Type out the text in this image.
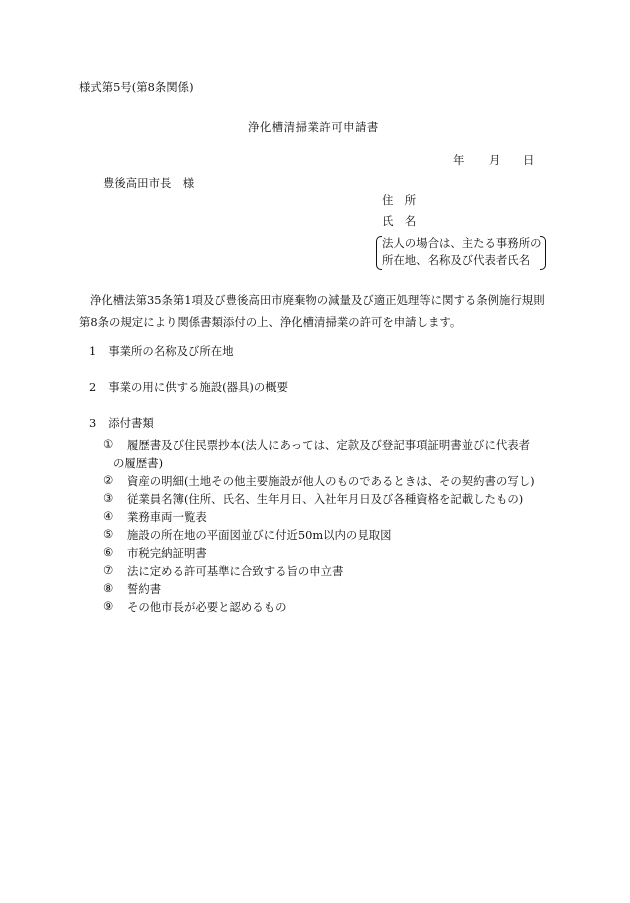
様式第5号(第8条関係)
浄化槽清掃業許可申請書
年 月 日
豊後高田市長　様
住　所
氏　名
法人の場合は、主たる事務所の
所在地、名称及び代表者氏名
浄化槽法第35条第1項及び豊後高田市廃棄物の減量及び適正処理等に関する条例施行規則第8条の規定により関係書類添付の上、浄化槽清掃業の許可を申請します。
1 事業所の名称及び所在地
2 事業の用に供する施設(器具)の概要
3 添付書類
①	履歴書及び住民票抄本(法人にあっては、定款及び登記事項証明書並びに代表者
の履歴書)
②	資産の明細(土地その他主要施設が他人のものであるときは、その契約書の写し)
③	従業員名簿(住所、氏名、生年月日、入社年月日及び各種資格を記載したもの)
④	業務車両一覧表
⑤	施設の所在地の平面図並びに付近50m以内の見取図
⑥	市税完納証明書
⑦	法に定める許可基準に合致する旨の申立書
⑧	誓約書
⑨	その他市長が必要と認めるもの
